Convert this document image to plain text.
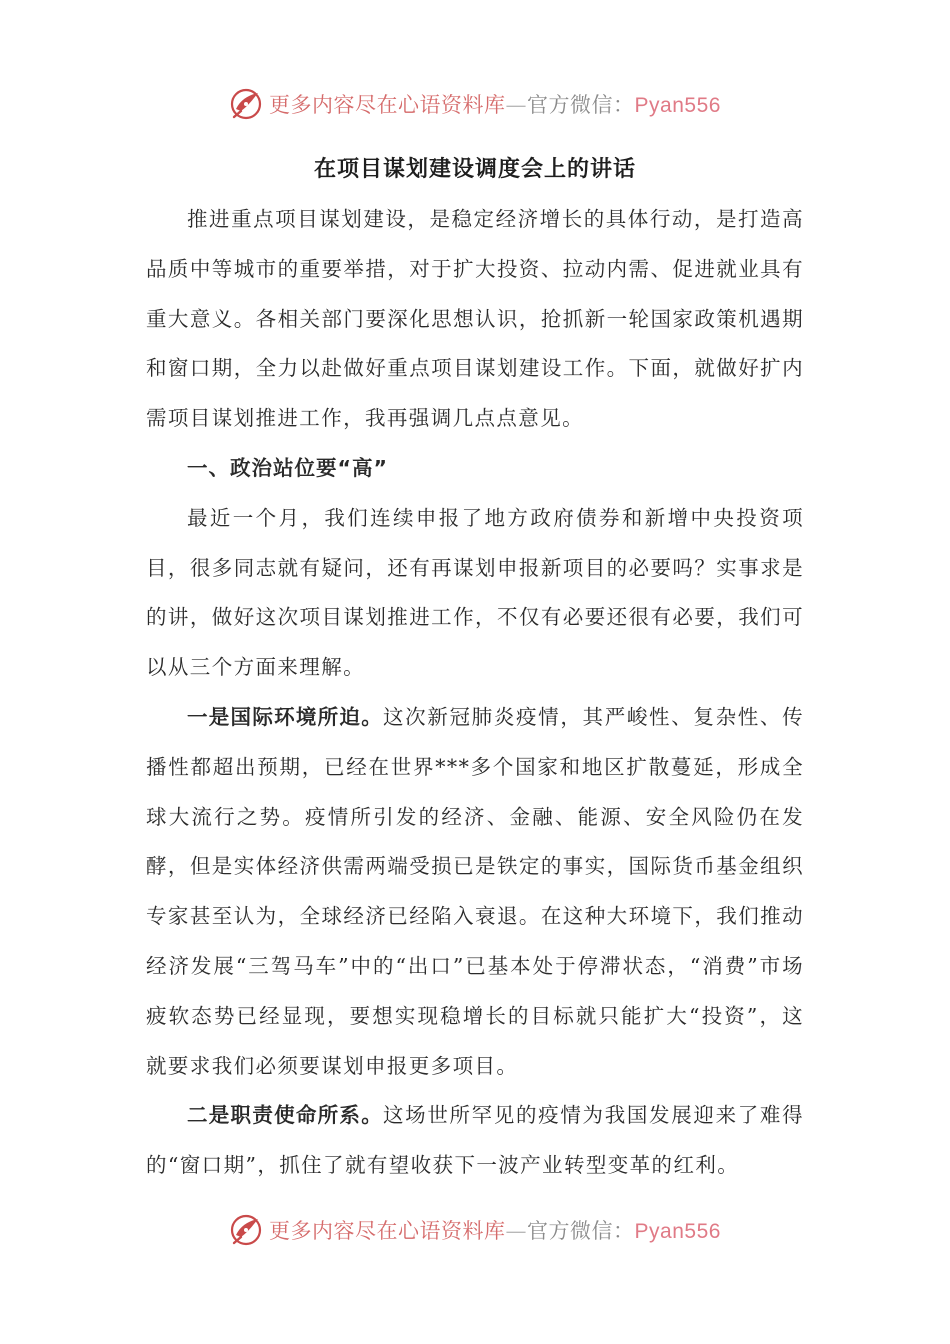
更多内容尽在心语资料库—官方微信：Pyan556
在项目谋划建设调度会上的讲话

推进重点项目谋划建设，是稳定经济增长的具体行动，是打造高品质中等城市的重要举措，对于扩大投资、拉动内需、促进就业具有重大意义。各相关部门要深化思想认识，抢抓新一轮国家政策机遇期和窗口期，全力以赴做好重点项目谋划建设工作。下面，就做好扩内需项目谋划推进工作，我再强调几点点意见。

一、政治站位要“高”

最近一个月，我们连续申报了地方政府债券和新增中央投资项目，很多同志就有疑问，还有再谋划申报新项目的必要吗？实事求是的讲，做好这次项目谋划推进工作，不仅有必要还很有必要，我们可以从三个方面来理解。

一是国际环境所迫。这次新冠肺炎疫情，其严峻性、复杂性、传播性都超出预期，已经在世界***多个国家和地区扩散蔓延，形成全球大流行之势。疫情所引发的经济、金融、能源、安全风险仍在发酵，但是实体经济供需两端受损已是铁定的事实，国际货币基金组织专家甚至认为，全球经济已经陷入衰退。在这种大环境下，我们推动经济发展“三驾马车”中的“出口”已基本处于停滞状态，“消费”市场疲软态势已经显现，要想实现稳增长的目标就只能扩大“投资”，这就要求我们必须要谋划申报更多项目。

二是职责使命所系。这场世所罕见的疫情为我国发展迎来了难得的“窗口期”，抓住了就有望收获下一波产业转型变革的红利。

更多内容尽在心语资料库—官方微信：Pyan556
